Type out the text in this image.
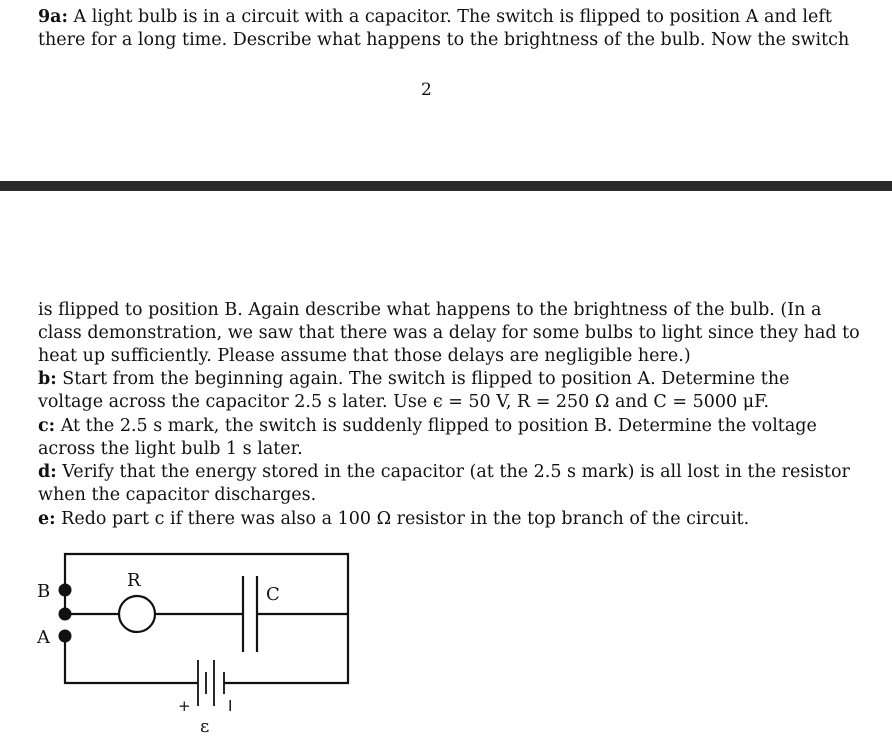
9a: A light bulb is in a circuit with a capacitor. The switch is flipped to position A and left
there for a long time. Describe what happens to the brightness of the bulb. Now the switch
2
is flipped to position B. Again describe what happens to the brightness of the bulb. (In a
class demonstration, we saw that there was a delay for some bulbs to light since they had to
heat up sufficiently. Please assume that those delays are negligible here.)
b: Start from the beginning again. The switch is flipped to position A. Determine the
voltage across the capacitor 2.5 s later. Use ϵ = 50 V, R = 250 Ω and C = 5000 μF.
c: At the 2.5 s mark, the switch is suddenly flipped to position B. Determine the voltage
across the light bulb 1 s later.
d: Verify that the energy stored in the capacitor (at the 2.5 s mark) is all lost in the resistor
when the capacitor discharges.
e: Redo part c if there was also a 100 Ω resistor in the top branch of the circuit.
B
A
R
C
+ I
ε
